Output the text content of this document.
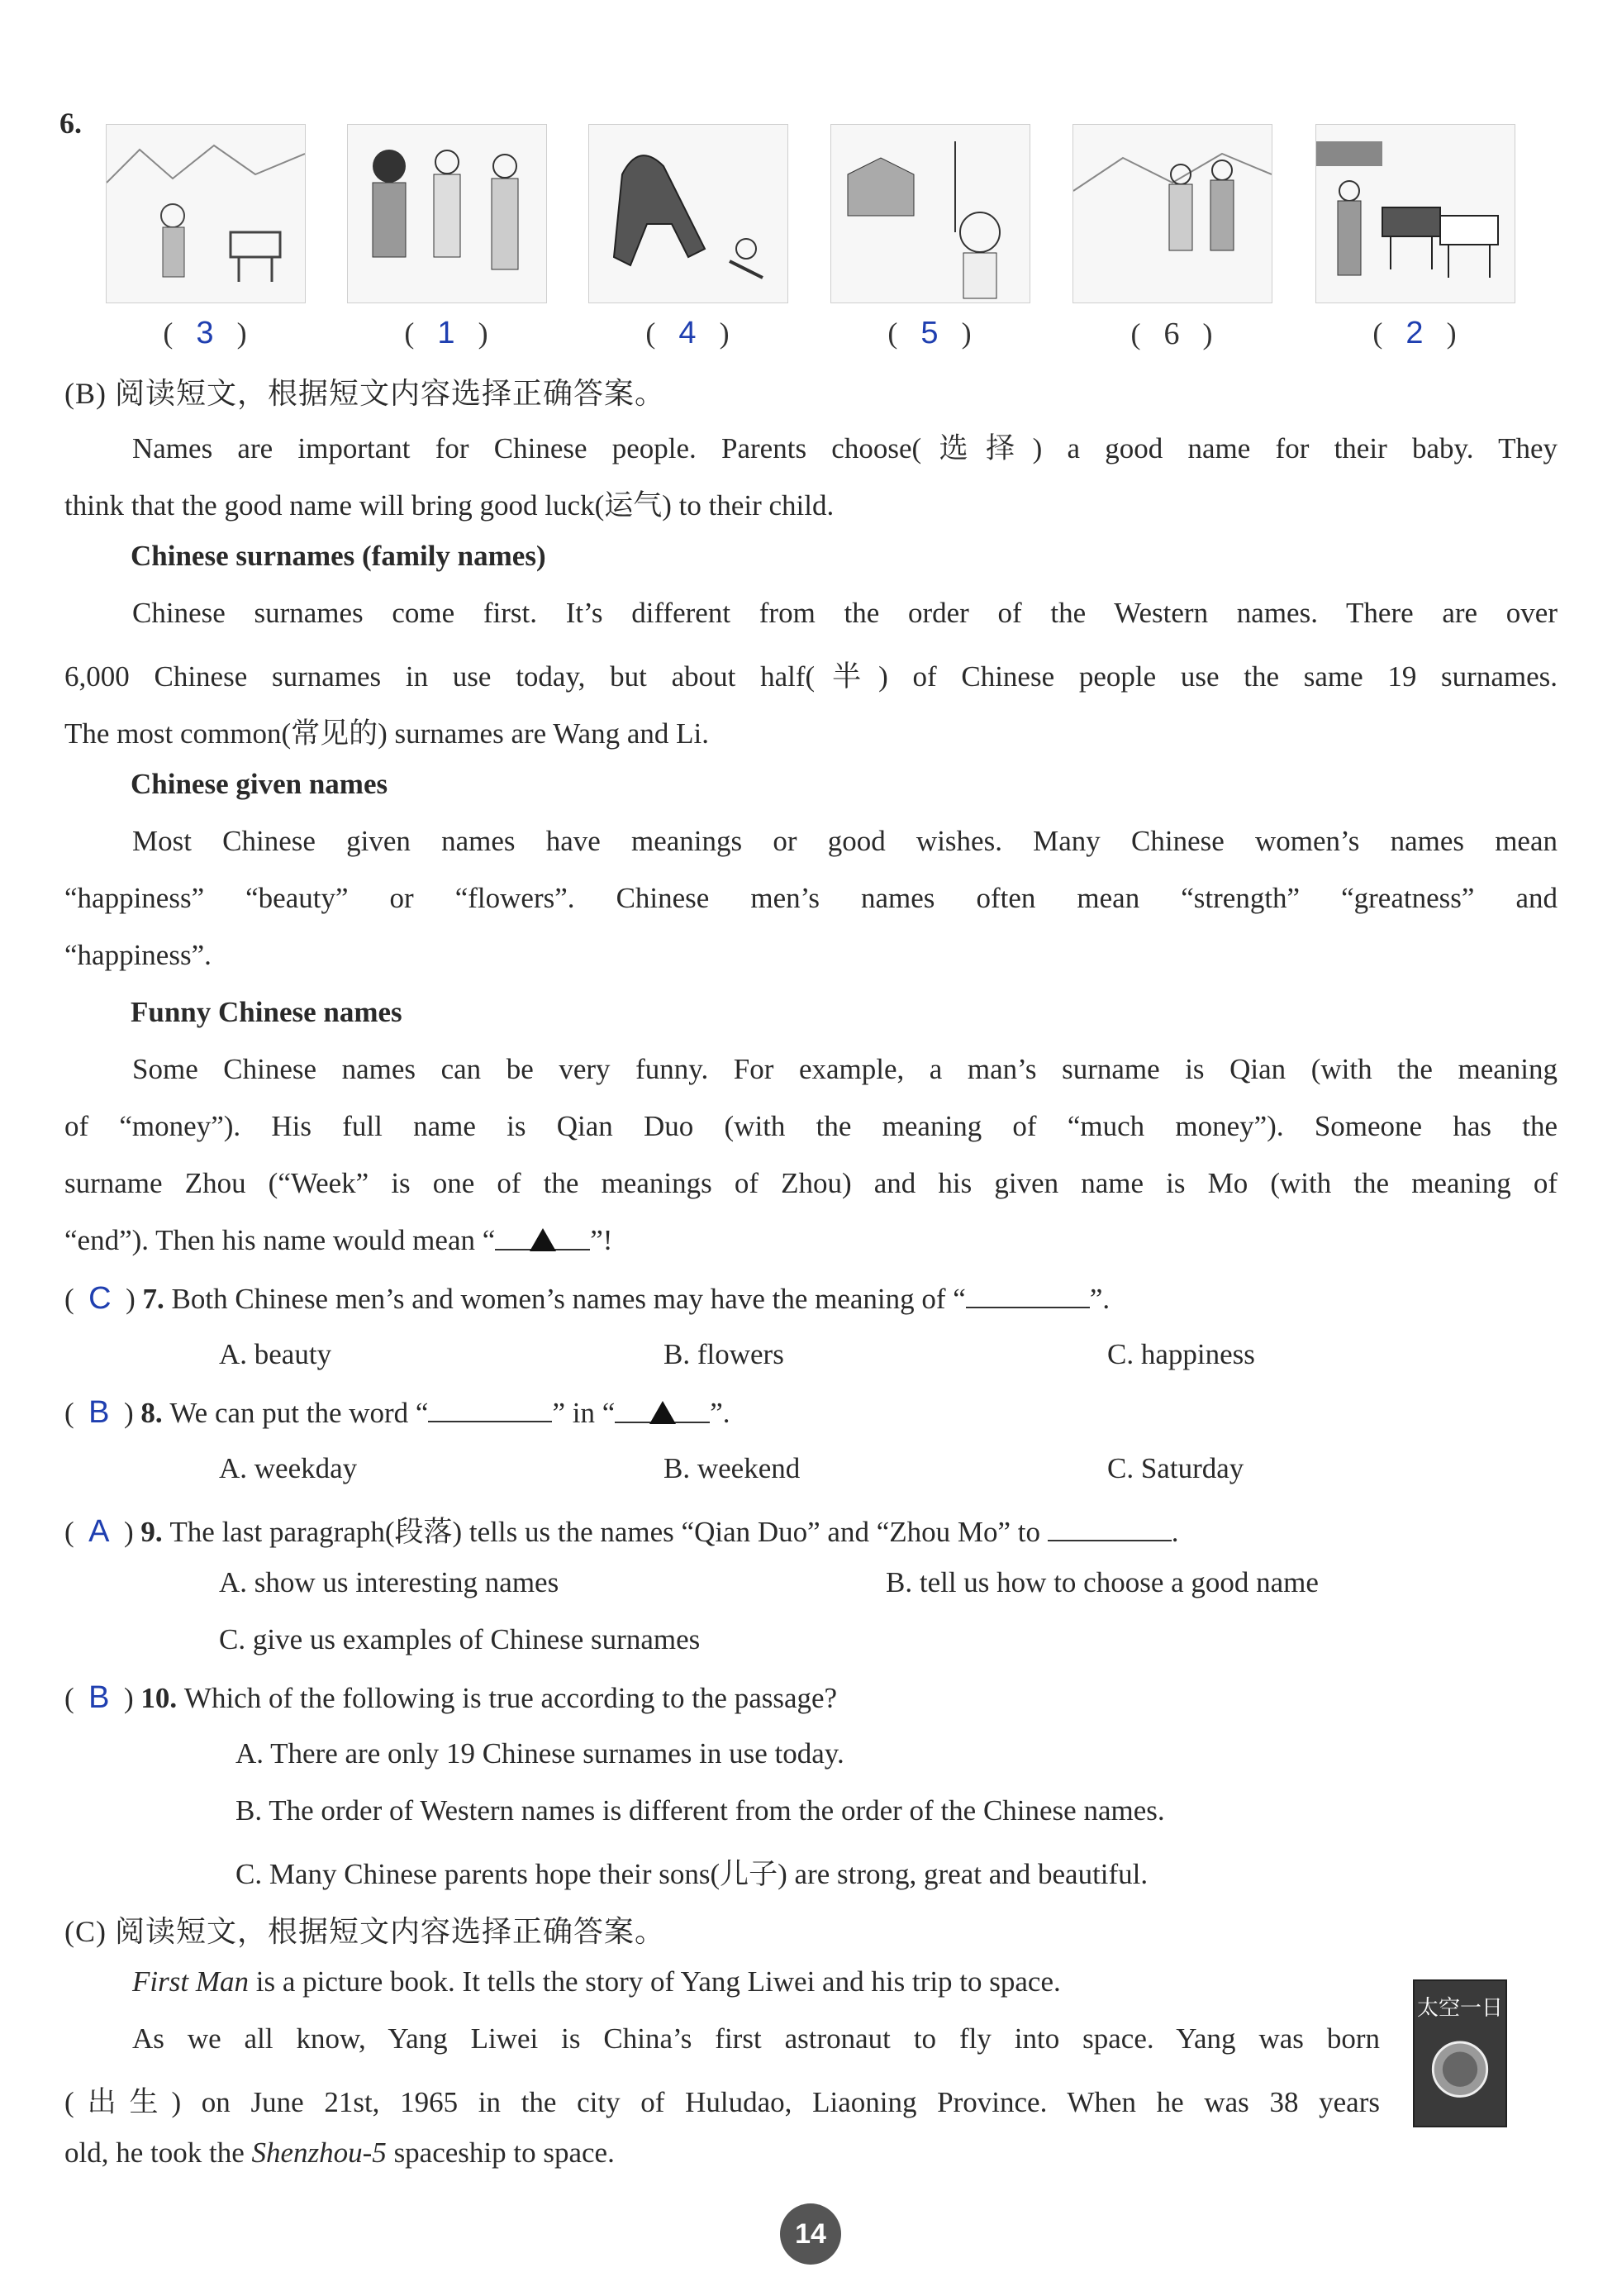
6.
( 3 )	( 1 )	( 4 )	( 5 )	( 6 )	( 2 )
(B) 阅读短文，根据短文内容选择正确答案。
Names are important for Chinese people. Parents choose(选择) a good name for their baby. They
think that the good name will bring good luck(运气) to their child.
Chinese surnames (family names)
Chinese surnames come first. It’s different from the order of the Western names. There are over
6,000 Chinese surnames in use today, but about half(半) of Chinese people use the same 19 surnames.
The most common(常见的) surnames are Wang and Li.
Chinese given names
Most Chinese given names have meanings or good wishes. Many Chinese women’s names mean
“happiness” “beauty” or “flowers”. Chinese men’s names often mean “strength” “greatness” and
“happiness”.
Funny Chinese names
Some Chinese names can be very funny. For example, a man’s surname is Qian (with the meaning
of “money”). His full name is Qian Duo (with the meaning of “much money”). Someone has the
surname Zhou (“Week” is one of the meanings of Zhou) and his given name is Mo (with the meaning of
“end”). Then his name would mean “	”!
(  C  ) 7. Both Chinese men’s and women’s names may have the meaning of “	”.
A. beauty	B. flowers	C. happiness
(  B  ) 8. We can put the word “	” in “	”.
A. weekday	B. weekend	C. Saturday
(  A  ) 9. The last paragraph(段落) tells us the names “Qian Duo” and “Zhou Mo” to	.
A. show us interesting names	B. tell us how to choose a good name
C. give us examples of Chinese surnames
(  B  ) 10. Which of the following is true according to the passage?
A. There are only 19 Chinese surnames in use today.
B. The order of Western names is different from the order of the Chinese names.
C. Many Chinese parents hope their sons(儿子) are strong, great and beautiful.
(C) 阅读短文，根据短文内容选择正确答案。
First Man is a picture book. It tells the story of Yang Liwei and his trip to space.
As we all know, Yang Liwei is China’s first astronaut to fly into space. Yang was born
(出生) on June 21st, 1965 in the city of Huludao, Liaoning Province. When he was 38 years
old, he took the Shenzhou-5 spaceship to space.
太空一日
14
